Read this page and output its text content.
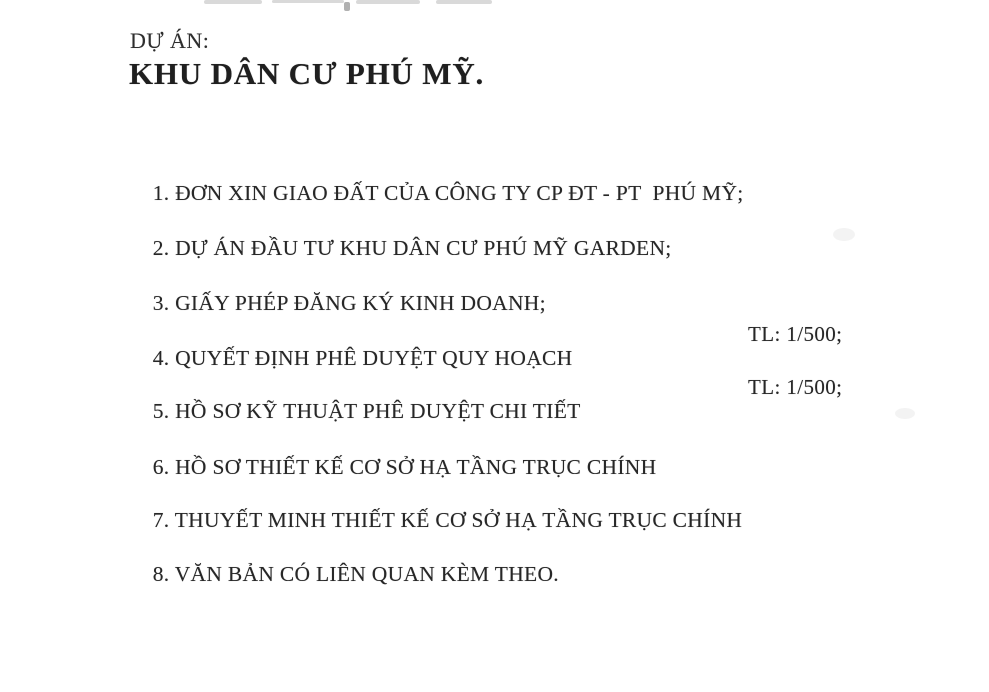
DỰ ÁN:
KHU DÂN CƯ PHÚ MỸ.

1. ĐƠN XIN GIAO ĐẤT CỦA CÔNG TY CP ĐT - PT  PHÚ MỸ;

2. DỰ ÁN ĐẦU TƯ KHU DÂN CƯ PHÚ MỸ GARDEN;

3. GIẤY PHÉP ĐĂNG KÝ KINH DOANH;

4. QUYẾT ĐỊNH PHÊ DUYỆT QUY HOẠCH

TL: 1/500;

5. HỒ SƠ KỸ THUẬT PHÊ DUYỆT CHI TIẾT

TL: 1/500;

6. HỒ SƠ THIẾT KẾ CƠ SỞ HẠ TẦNG TRỤC CHÍNH

7. THUYẾT MINH THIẾT KẾ CƠ SỞ HẠ TẦNG TRỤC CHÍNH

8. VĂN BẢN CÓ LIÊN QUAN KÈM THEO.
